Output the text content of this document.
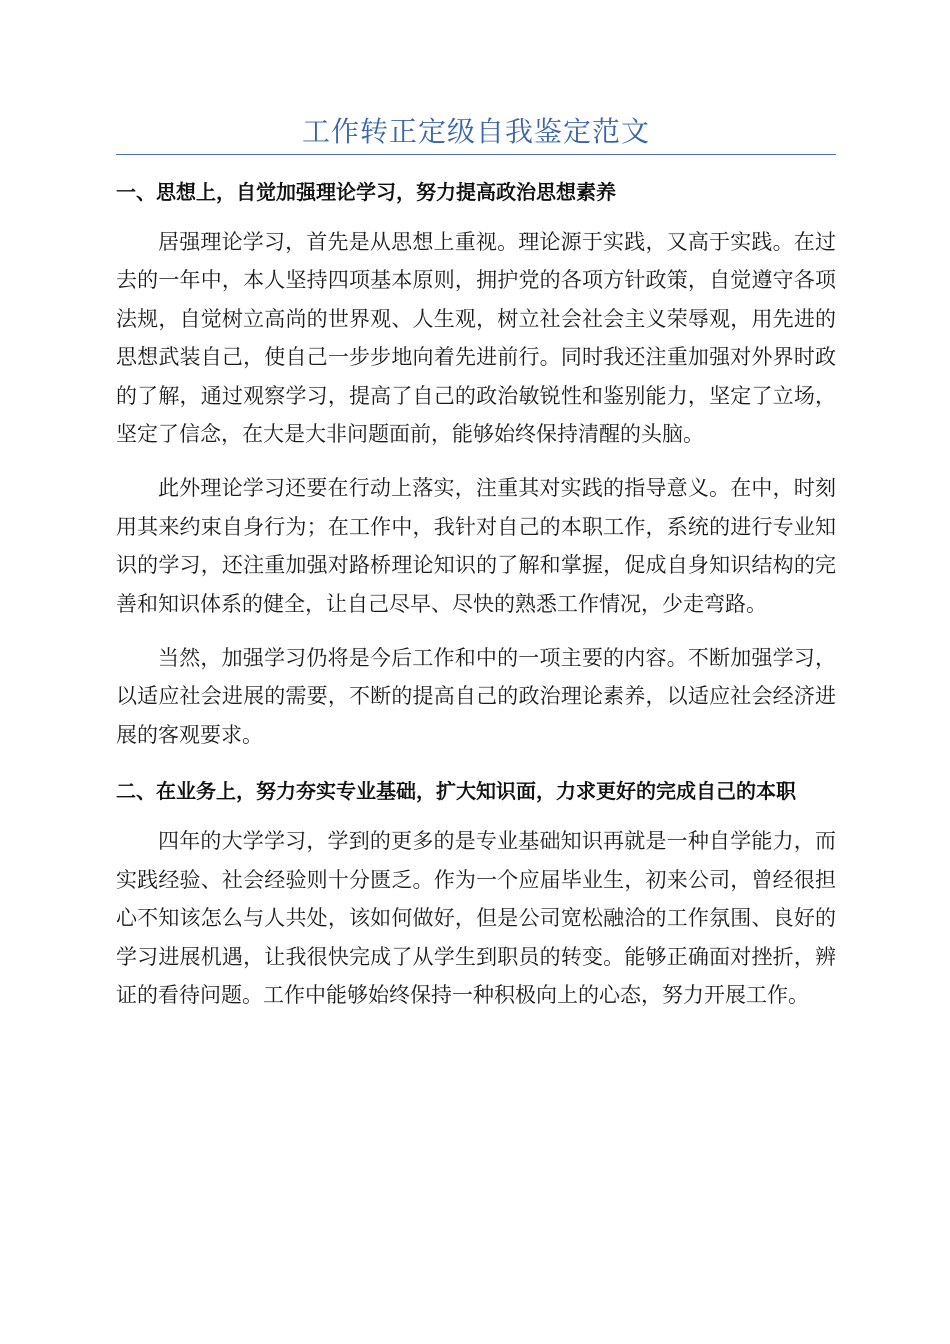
工作转正定级自我鉴定范文
一、思想上，自觉加强理论学习，努力提高政治思想素养

居强理论学习，首先是从思想上重视。理论源于实践，又高于实践。在过去的一年中，本人坚持四项基本原则，拥护党的各项方针政策，自觉遵守各项法规，自觉树立高尚的世界观、人生观，树立社会社会主义荣辱观，用先进的思想武装自己，使自己一步步地向着先进前行。同时我还注重加强对外界时政的了解，通过观察学习，提高了自己的政治敏锐性和鉴别能力，坚定了立场，坚定了信念，在大是大非问题面前，能够始终保持清醒的头脑。

此外理论学习还要在行动上落实，注重其对实践的指导意义。在中，时刻用其来约束自身行为；在工作中，我针对自己的本职工作，系统的进行专业知识的学习，还注重加强对路桥理论知识的了解和掌握，促成自身知识结构的完善和知识体系的健全，让自己尽早、尽快的熟悉工作情况，少走弯路。

当然，加强学习仍将是今后工作和中的一项主要的内容。不断加强学习，以适应社会进展的需要，不断的提高自己的政治理论素养，以适应社会经济进展的客观要求。

二、在业务上，努力夯实专业基础，扩大知识面，力求更好的完成自己的本职

四年的大学学习，学到的更多的是专业基础知识再就是一种自学能力，而实践经验、社会经验则十分匮乏。作为一个应届毕业生，初来公司，曾经很担心不知该怎么与人共处，该如何做好，但是公司宽松融洽的工作氛围、良好的学习进展机遇，让我很快完成了从学生到职员的转变。能够正确面对挫折，辨证的看待问题。工作中能够始终保持一种积极向上的心态，努力开展工作。
